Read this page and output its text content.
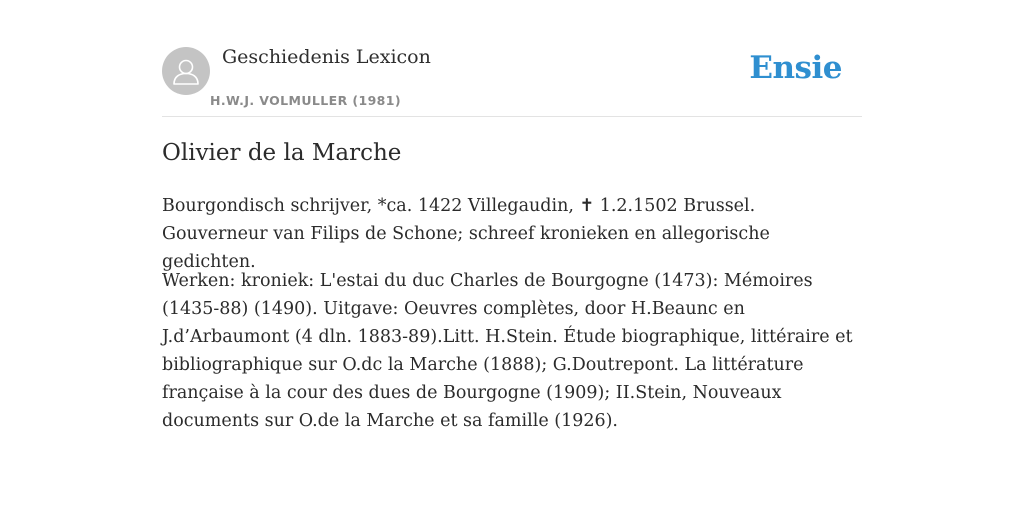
Geschiedenis Lexicon
H.W.J. VOLMULLER (1981)
Ensie
Olivier de la Marche

Bourgondisch schrijver, *ca. 1422 Villegaudin, ✝ 1.2.1502 Brussel. Gouverneur van Filips de Schone; schreef kronieken en allegorische gedichten.

Werken: kroniek: L'estai du duc Charles de Bourgogne (1473): Mémoires (1435-88) (1490). Uitgave: Oeuvres complètes, door H.Beaunc en J.d’Arbaumont (4 dln. 1883-89).Litt. H.Stein. Étude biographique, littéraire et bibliographique sur O.dc la Marche (1888); G.Doutrepont. La littérature française à la cour des dues de Bourgogne (1909); II.Stein, Nouveaux documents sur O.de la Marche et sa famille (1926).
